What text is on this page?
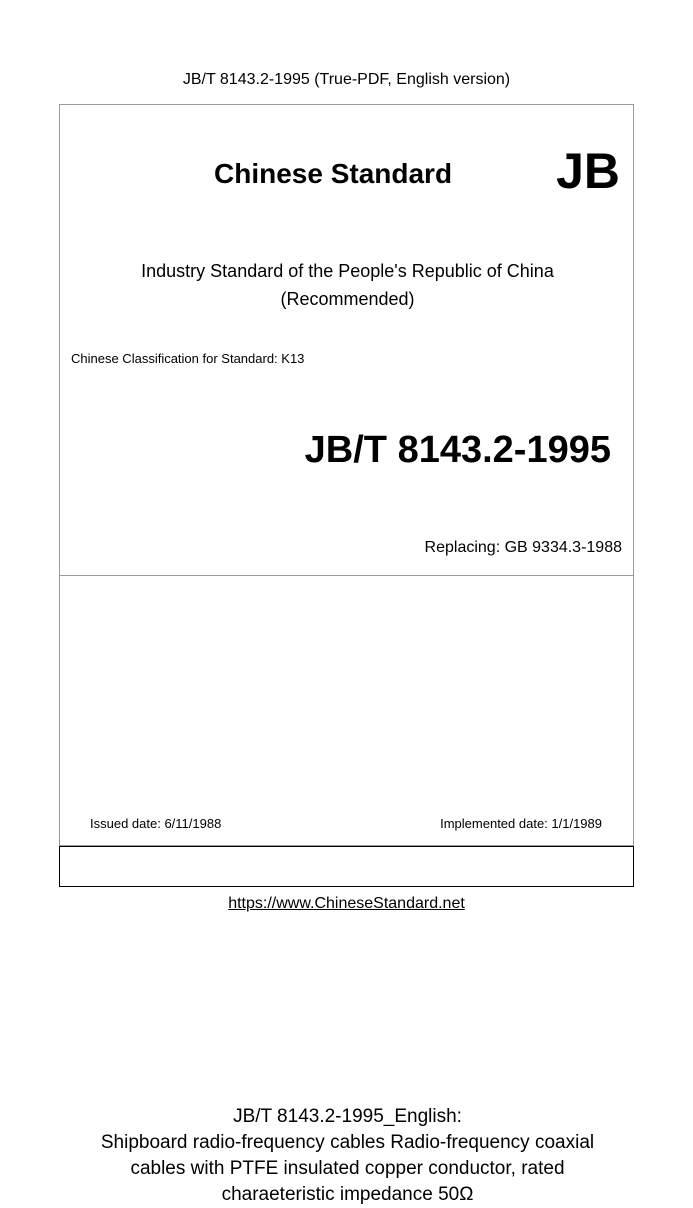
JB/T 8143.2-1995 (True-PDF, English version)
Chinese Standard JB
Industry Standard of the People's Republic of China
(Recommended)
Chinese Classification for Standard: K13
JB/T 8143.2-1995
Replacing: GB 9334.3-1988
JB/T 8143.2-1995_English:
Shipboard radio-frequency cables Radio-frequency coaxial
cables with PTFE insulated copper conductor, rated
charaeteristic impedance 50Ω
Issued date: 6/11/1988	Implemented date: 1/1/1989
https://www.ChineseStandard.net
